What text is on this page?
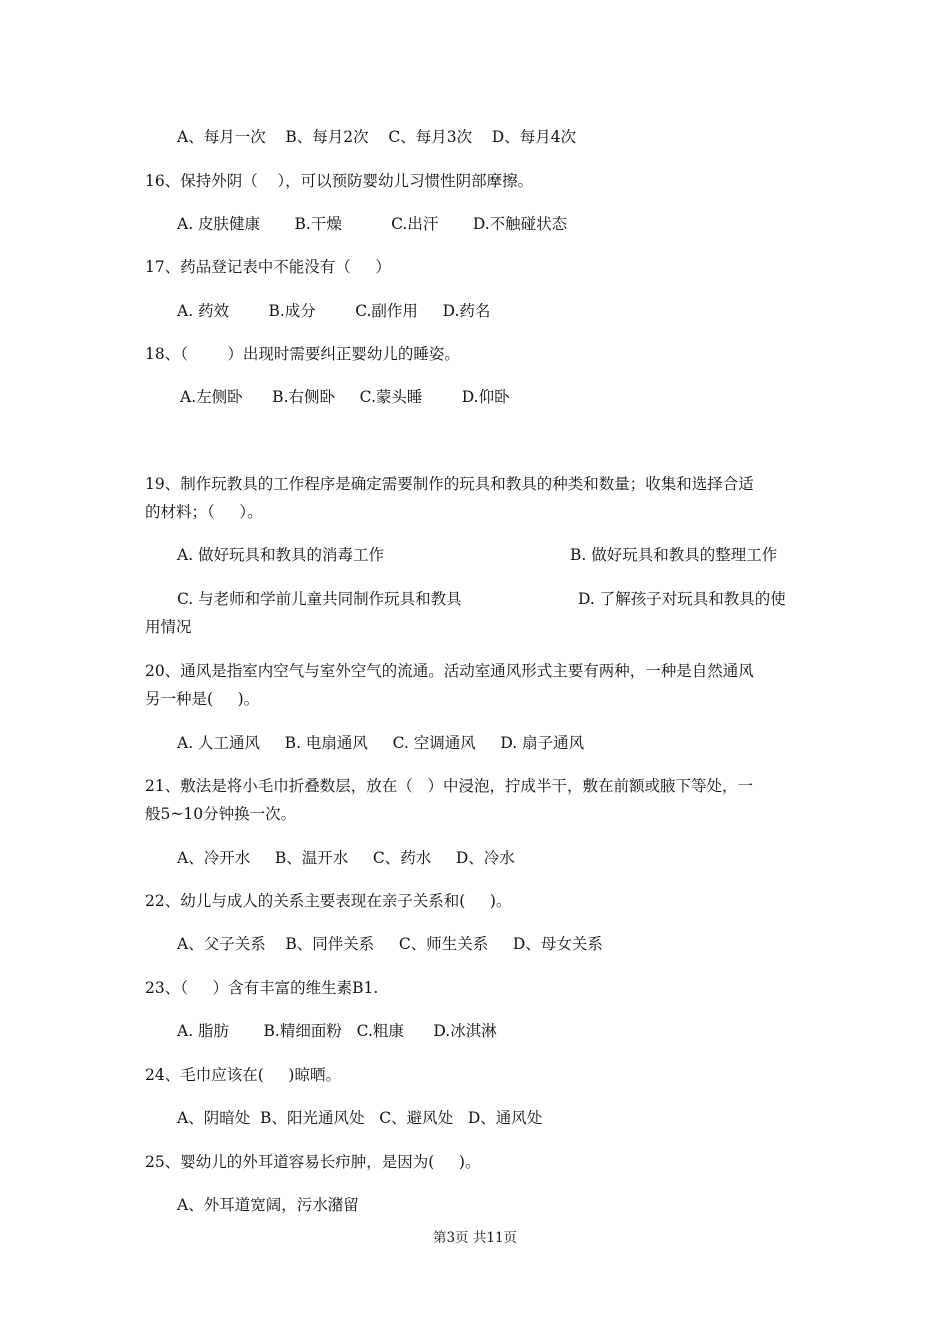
A、每月一次    B、每月2次    C、每月3次    D、每月4次
16、保持外阴（    ），可以预防婴幼儿习惯性阴部摩擦。
A. 皮肤健康       B.干燥          C.出汗       D.不触碰状态
17、药品登记表中不能没有（     ）
A. 药效        B.成分        C.副作用     D.药名
18、（        ）出现时需要纠正婴幼儿的睡姿。
A.左侧卧      B.右侧卧     C.蒙头睡        D.仰卧
19、制作玩教具的工作程序是确定需要制作的玩具和教具的种类和数量；收集和选择合适
的材料；（     ）。
A. 做好玩具和教具的消毒工作	B. 做好玩具和教具的整理工作
C. 与老师和学前儿童共同制作玩具和教具	D. 了解孩子对玩具和教具的使
用情况
20、通风是指室内空气与室外空气的流通。活动室通风形式主要有两种，一种是自然通风
另一种是(     )。
A. 人工通风     B. 电扇通风     C. 空调通风     D. 扇子通风
21、敷法是将小毛巾折叠数层，放在（   ）中浸泡，拧成半干，敷在前额或腋下等处，一
般5~10分钟换一次。
A、冷开水     B、温开水     C、药水     D、冷水
22、幼儿与成人的关系主要表现在亲子关系和(     )。
A、父子关系    B、同伴关系     C、师生关系     D、母女关系
23、（     ）含有丰富的维生素B1.
A. 脂肪       B.精细面粉   C.粗康      D.冰淇淋
24、毛巾应该在(     )晾晒。
A、阴暗处  B、阳光通风处   C、避风处   D、通风处
25、婴幼儿的外耳道容易长疖肿，是因为(     )。
A、外耳道宽阔，污水潴留
第3页 共11页
